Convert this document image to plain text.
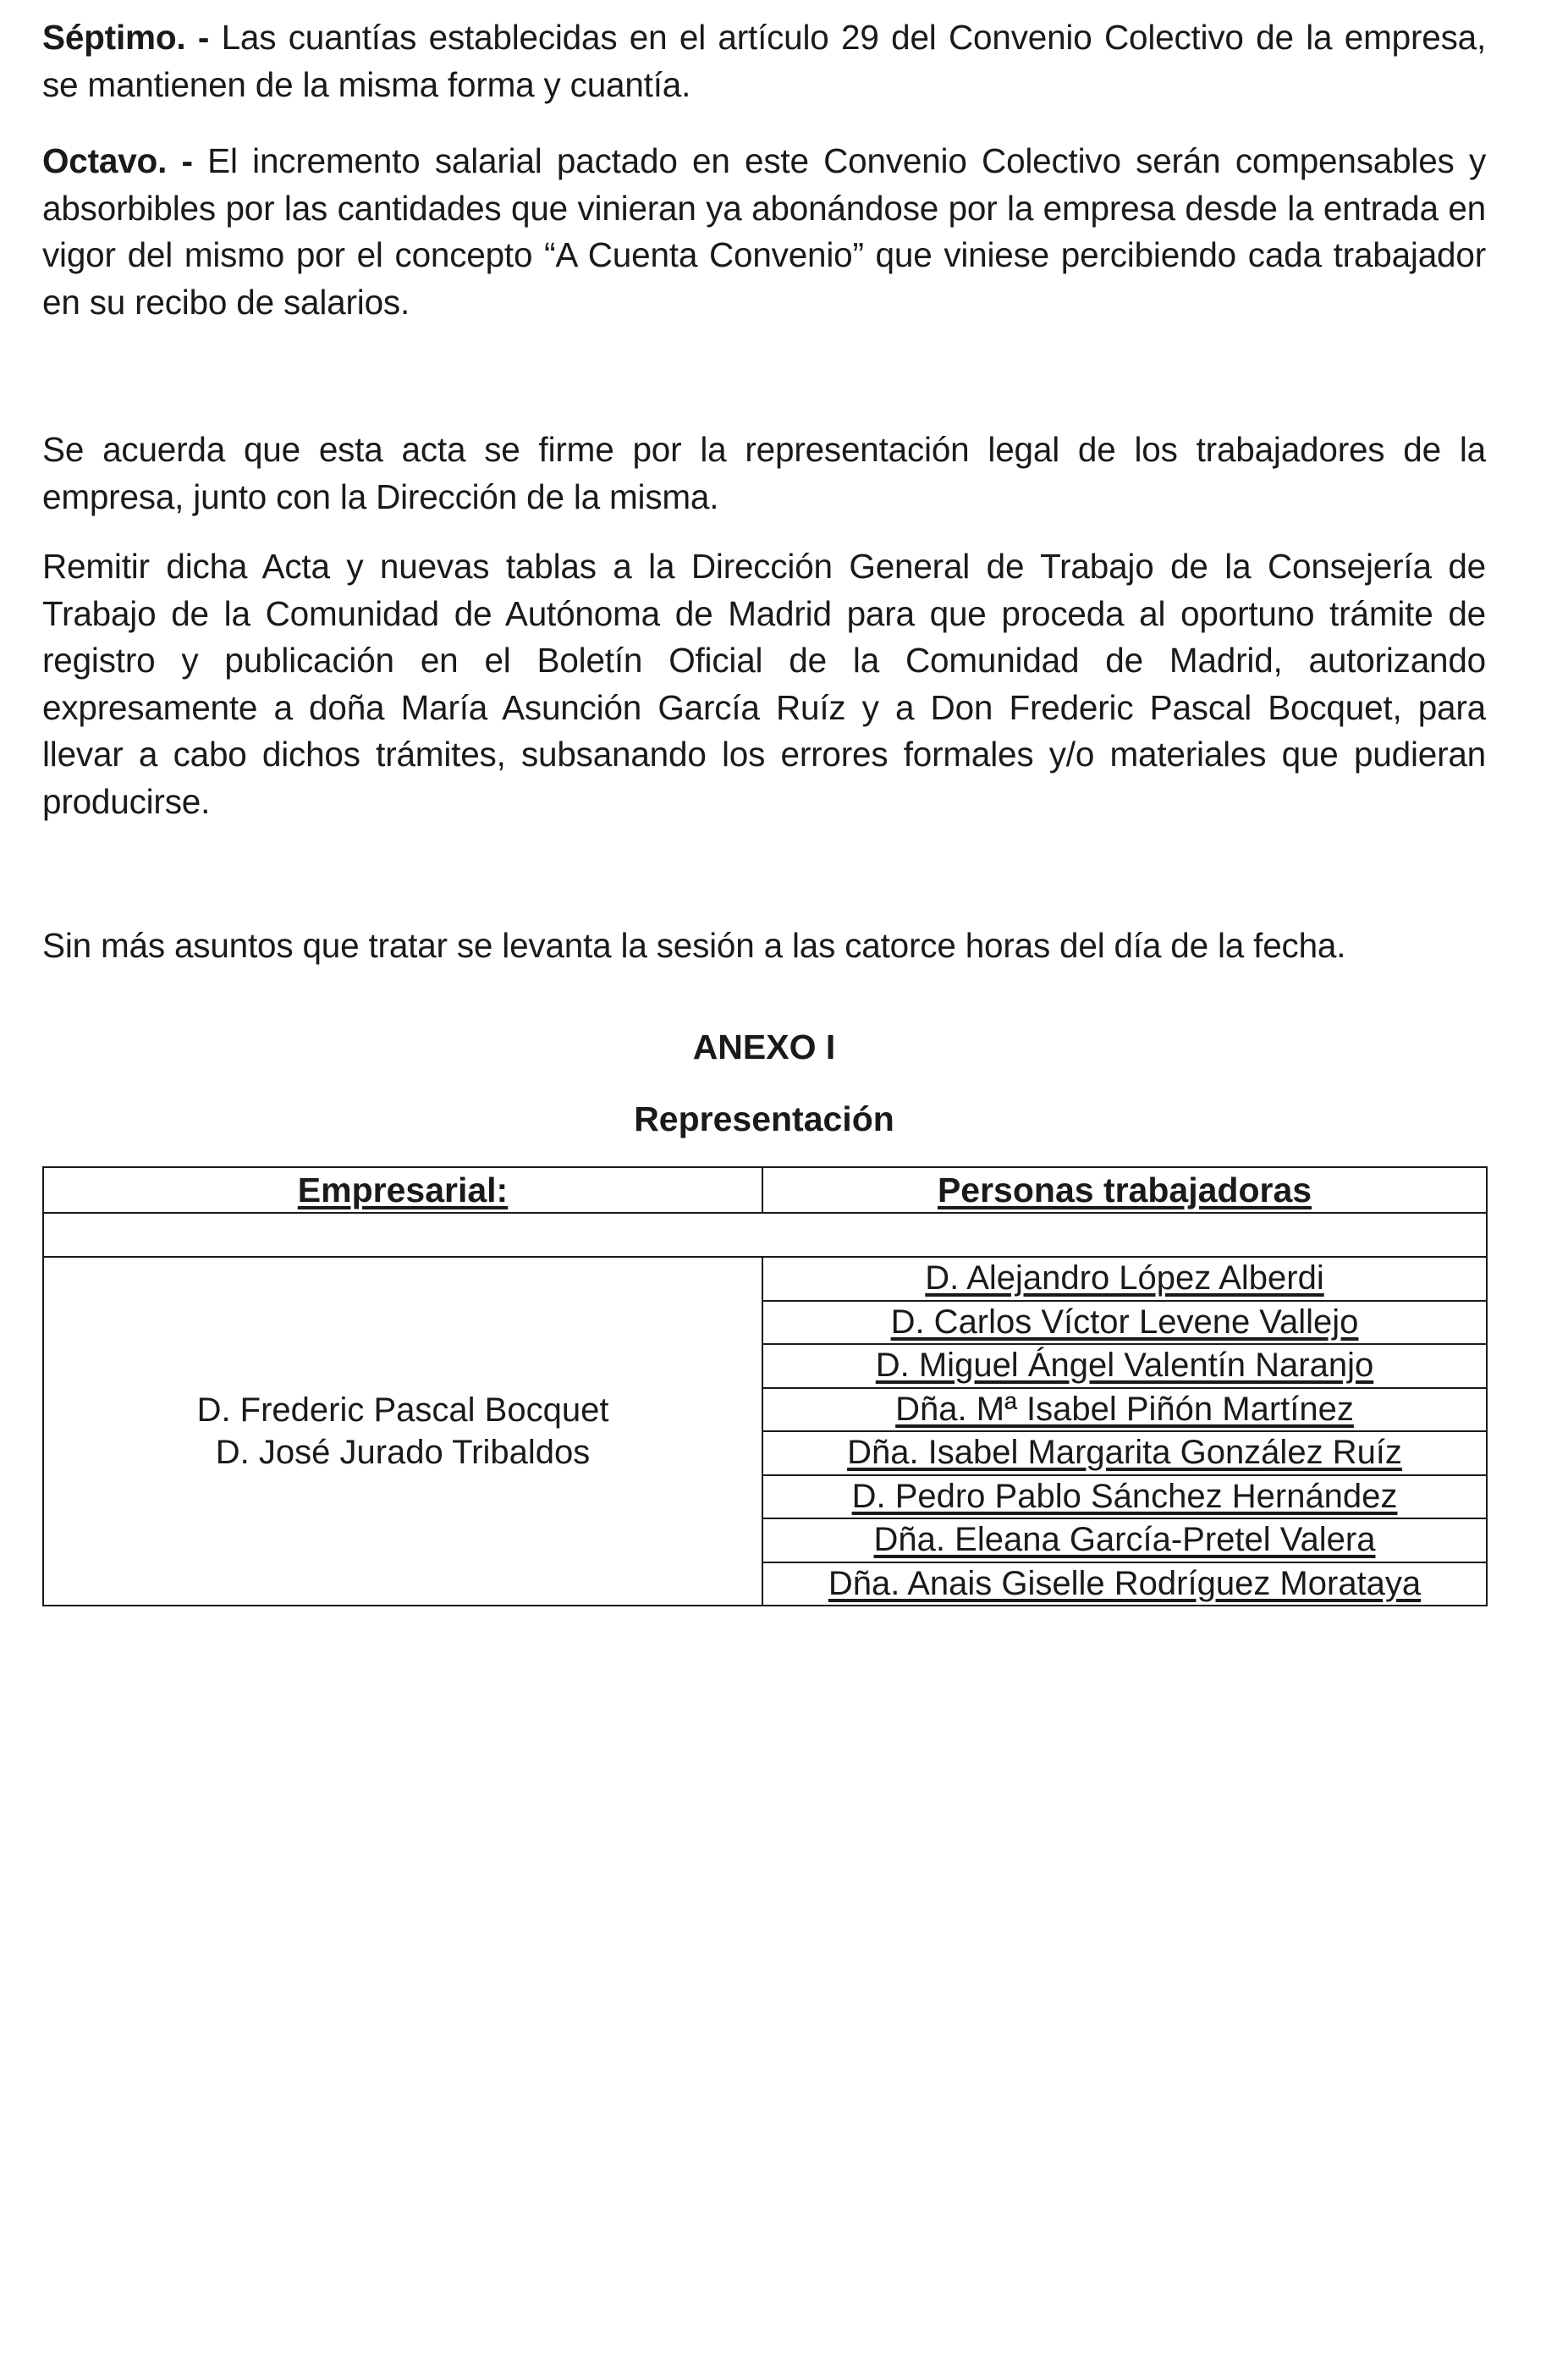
Séptimo. - Las cuantías establecidas en el artículo 29 del Convenio Colectivo de la empresa, se mantienen de la misma forma y cuantía.

Octavo. - El incremento salarial pactado en este Convenio Colectivo serán compensables y absorbibles por las cantidades que vinieran ya abonándose por la empresa desde la entrada en vigor del mismo por el concepto “A Cuenta Convenio” que viniese percibiendo cada trabajador en su recibo de salarios.

Se acuerda que esta acta se firme por la representación legal de los trabajadores de la empresa, junto con la Dirección de la misma.

Remitir dicha Acta y nuevas tablas a la Dirección General de Trabajo de la Consejería de Trabajo de la Comunidad de Autónoma de Madrid para que proceda al oportuno trámite de registro y publicación en el Boletín Oficial de la Comunidad de Madrid, autorizando expresamente a doña María Asunción García Ruíz y a Don Frederic Pascal Bocquet, para llevar a cabo dichos trámites, subsanando los errores formales y/o materiales que pudieran producirse.

Sin más asuntos que tratar se levanta la sesión a las catorce horas del día de la fecha.

ANEXO I
Representación
Empresarial:	Personas trabajadoras

D. Frederic Pascal Bocquet
D. José Jurado Tribaldos	D. Alejandro López Alberdi
	D. Carlos Víctor Levene Vallejo
	D. Miguel Ángel Valentín Naranjo
	Dña. Mª Isabel Piñón Martínez
	Dña. Isabel Margarita González Ruíz
	D. Pedro Pablo Sánchez Hernández
	Dña. Eleana García-Pretel Valera
	Dña. Anais Giselle Rodríguez Morataya
